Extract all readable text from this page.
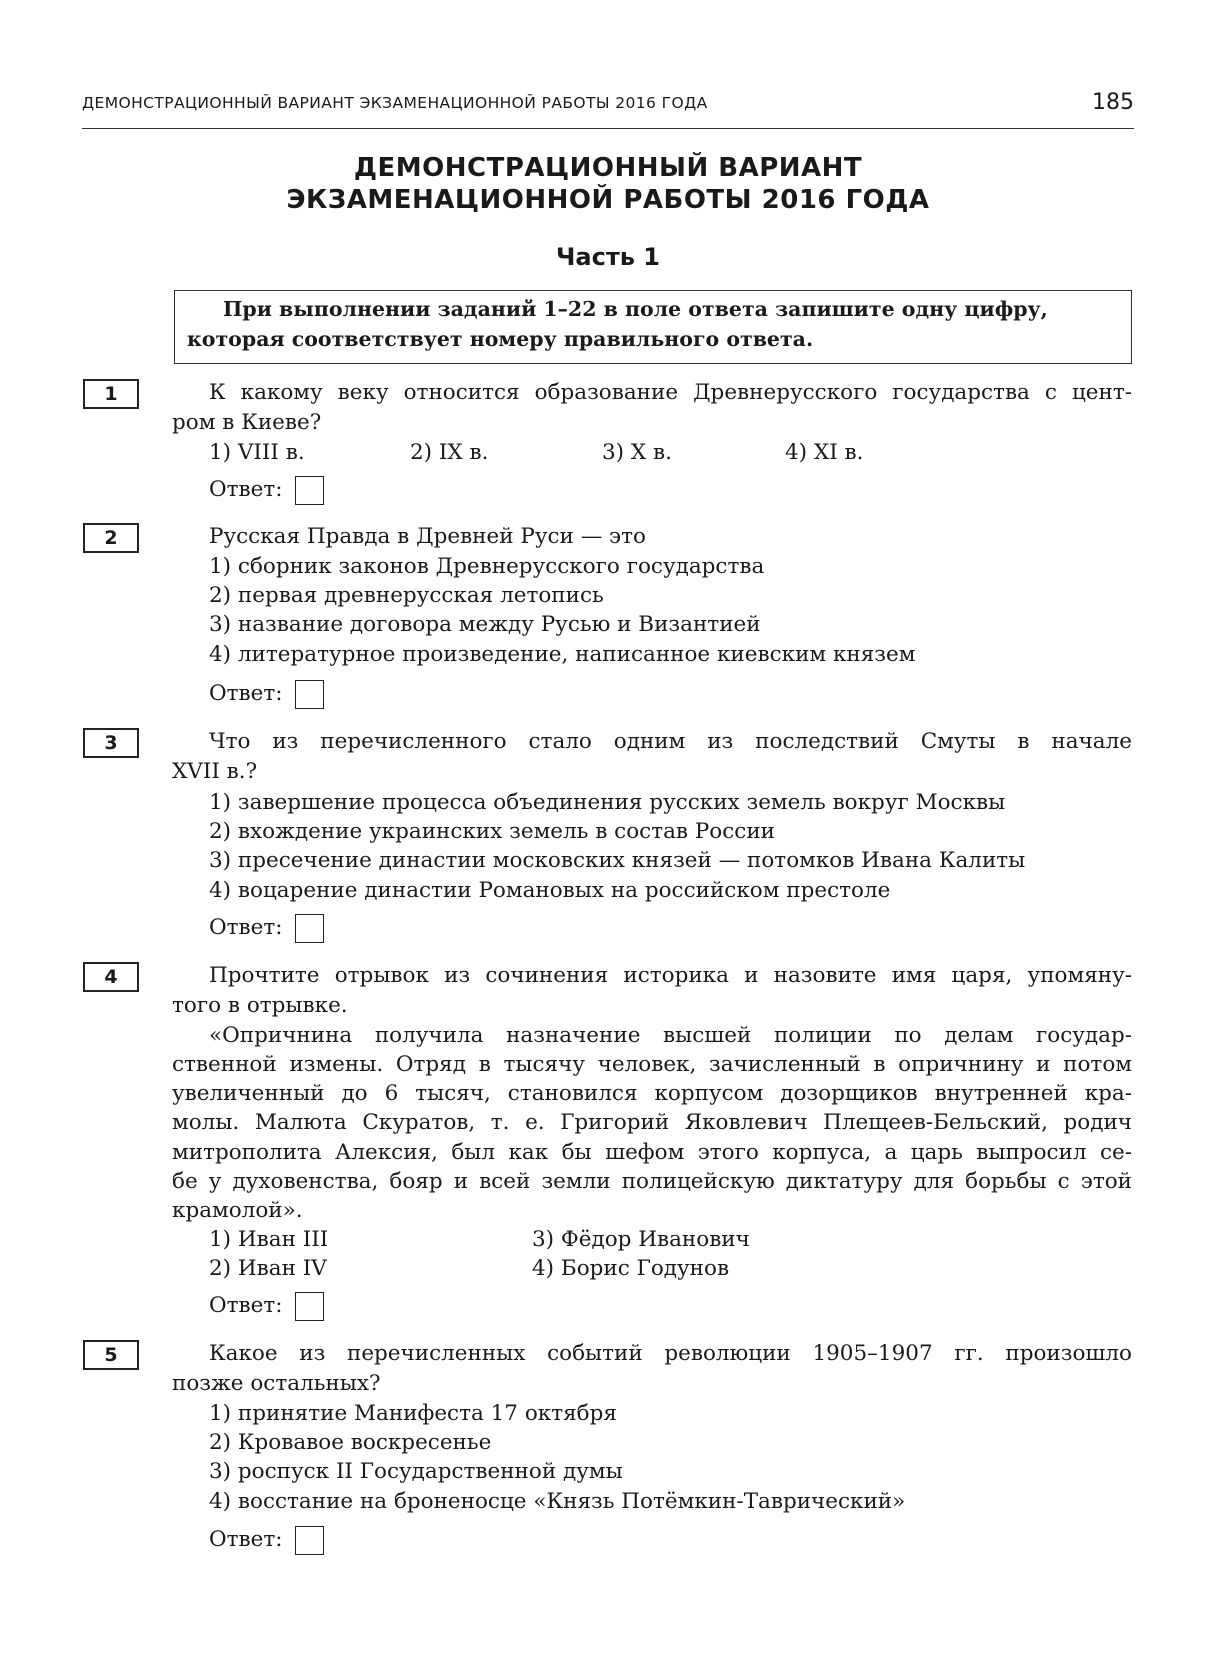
ДЕМОНСТРАЦИОННЫЙ ВАРИАНТ ЭКЗАМЕНАЦИОННОЙ РАБОТЫ 2016 ГОДА	185
ДЕМОНСТРАЦИОННЫЙ ВАРИАНТ
ЭКЗАМЕНАЦИОННОЙ РАБОТЫ 2016 ГОДА
Часть 1
При выполнении заданий 1–22 в поле ответа запишите одну цифру,
которая соответствует номеру правильного ответа.
1	К какому веку относится образование Древнерусского государства с цент-
ром в Киеве?
1) VIII в.	2) IX в.	3) X в.	4) XI в.
Ответ:
2	Русская Правда в Древней Руси — это
1) сборник законов Древнерусского государства
2) первая древнерусская летопись
3) название договора между Русью и Византией
4) литературное произведение, написанное киевским князем
Ответ:
3	Что из перечисленного стало одним из последствий Смуты в начале
XVII в.?
1) завершение процесса объединения русских земель вокруг Москвы
2) вхождение украинских земель в состав России
3) пресечение династии московских князей — потомков Ивана Калиты
4) воцарение династии Романовых на российском престоле
Ответ:
4	Прочтите отрывок из сочинения историка и назовите имя царя, упомяну-
того в отрывке.
«Опричнина получила назначение высшей полиции по делам государ-
ственной измены. Отряд в тысячу человек, зачисленный в опричнину и потом
увеличенный до 6 тысяч, становился корпусом дозорщиков внутренней кра-
молы. Малюта Скуратов, т. е. Григорий Яковлевич Плещеев-Бельский, родич
митрополита Алексия, был как бы шефом этого корпуса, а царь выпросил се-
бе у духовенства, бояр и всей земли полицейскую диктатуру для борьбы с этой
крамолой».
1) Иван III
2) Иван IV
3) Фёдор Иванович
4) Борис Годунов
Ответ:
5	Какое из перечисленных событий революции 1905–1907 гг. произошло
позже остальных?
1) принятие Манифеста 17 октября
2) Кровавое воскресенье
3) роспуск II Государственной думы
4) восстание на броненосце «Князь Потёмкин-Таврический»
Ответ:
